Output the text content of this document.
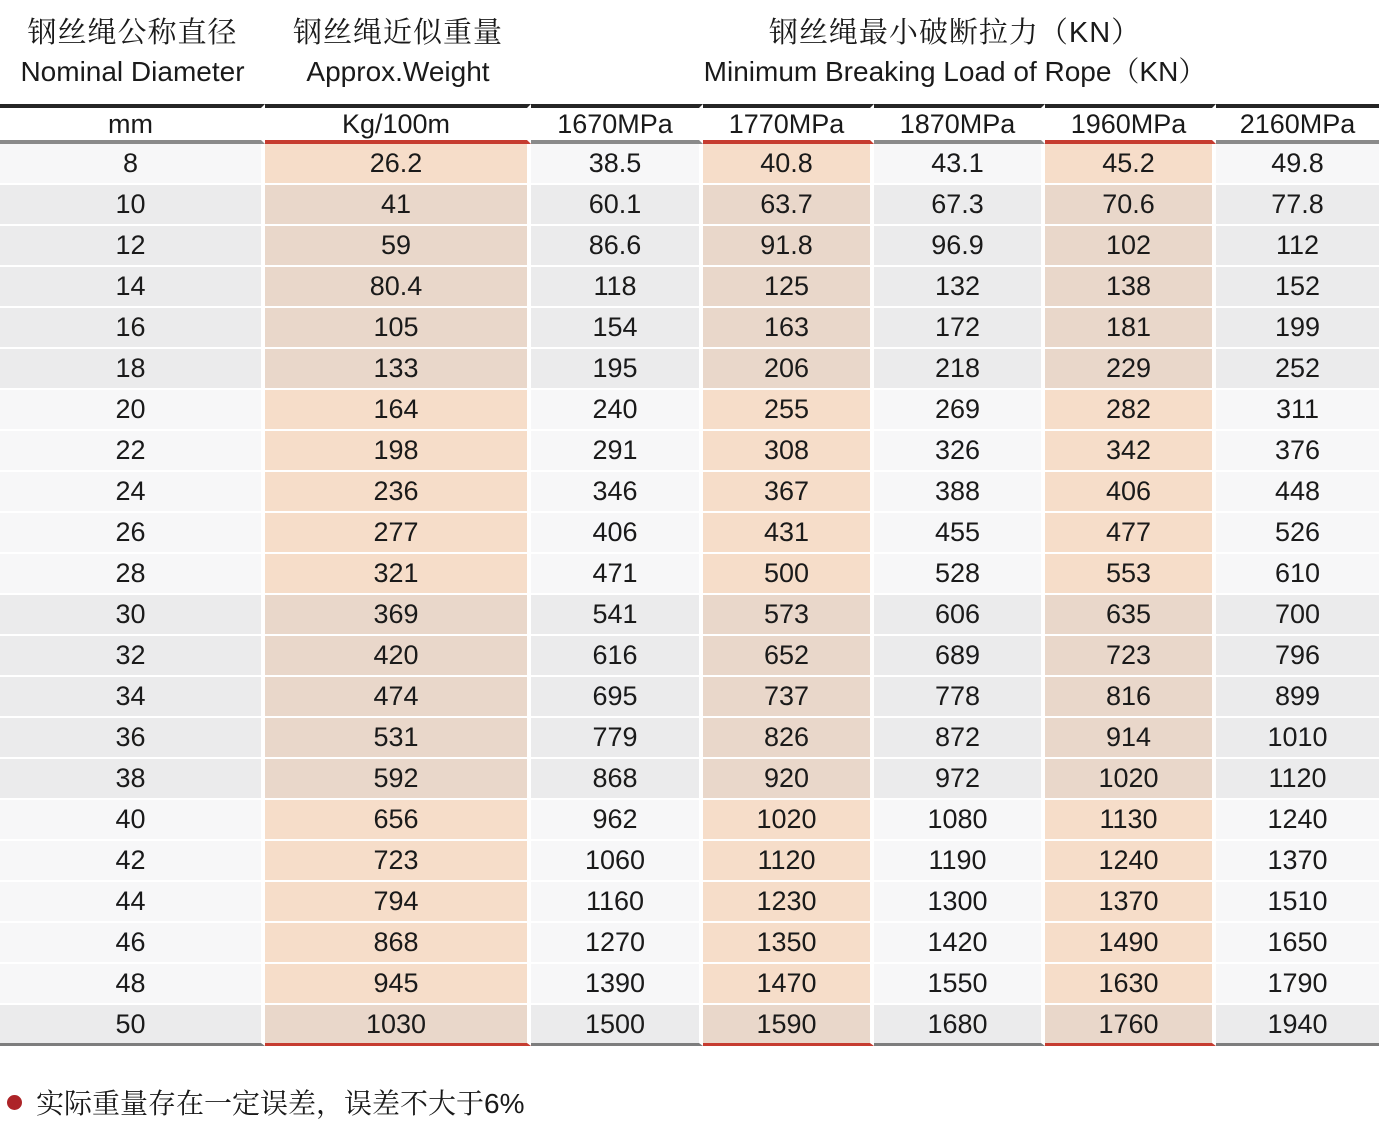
钢丝绳公称直径
Nominal Diameter

钢丝绳近似重量
Approx.Weight

钢丝绳最小破断拉力（KN）
Minimum Breaking Load of Rope（KN）

mm	Kg/100m	1670MPa	1770MPa	1870MPa	1960MPa	2160MPa
8	26.2	38.5	40.8	43.1	45.2	49.8
10	41	60.1	63.7	67.3	70.6	77.8
12	59	86.6	91.8	96.9	102	112
14	80.4	118	125	132	138	152
16	105	154	163	172	181	199
18	133	195	206	218	229	252
20	164	240	255	269	282	311
22	198	291	308	326	342	376
24	236	346	367	388	406	448
26	277	406	431	455	477	526
28	321	471	500	528	553	610
30	369	541	573	606	635	700
32	420	616	652	689	723	796
34	474	695	737	778	816	899
36	531	779	826	872	914	1010
38	592	868	920	972	1020	1120
40	656	962	1020	1080	1130	1240
42	723	1060	1120	1190	1240	1370
44	794	1160	1230	1300	1370	1510
46	868	1270	1350	1420	1490	1650
48	945	1390	1470	1550	1630	1790
50	1030	1500	1590	1680	1760	1940
实际重量存在一定误差，误差不大于6%
